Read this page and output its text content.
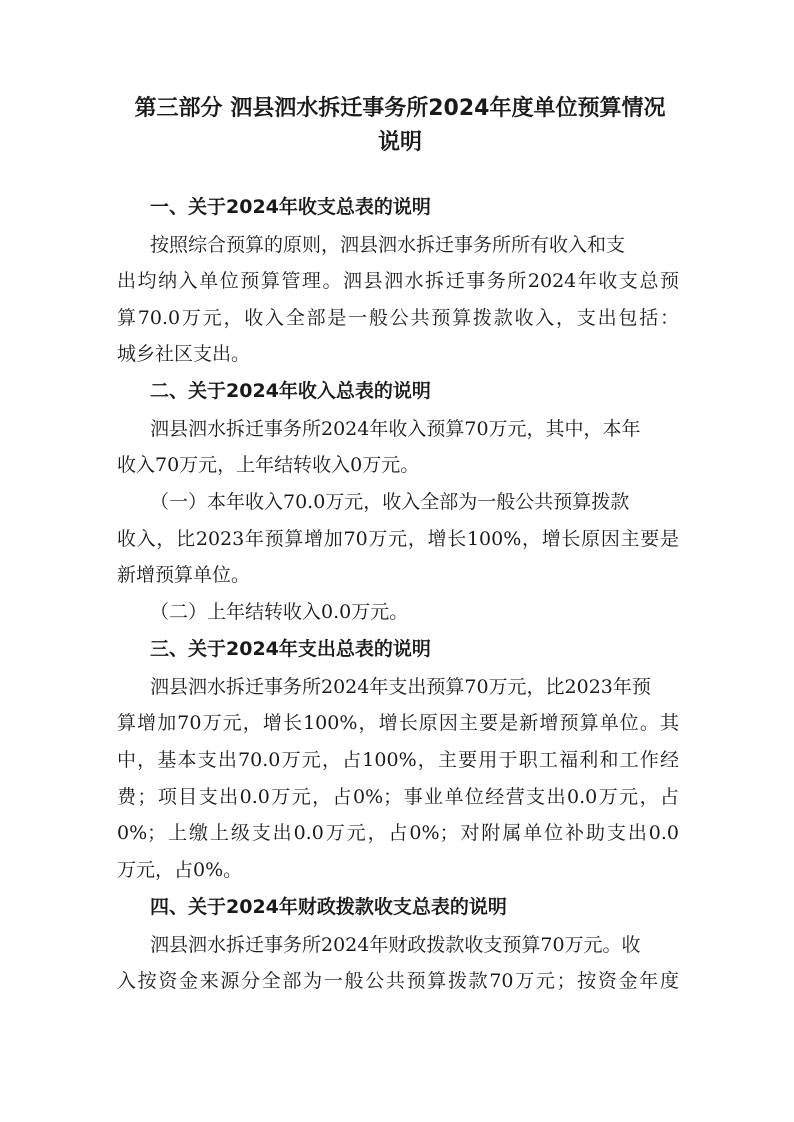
第三部分 泗县泗水拆迁事务所2024年度单位预算情况
说明
一、关于2024年收支总表的说明

按照综合预算的原则，泗县泗水拆迁事务所所有收入和支

出均纳入单位预算管理。泗县泗水拆迁事务所2024年收支总预

算70.0万元，收入全部是一般公共预算拨款收入，支出包括：

城乡社区支出。

二、关于2024年收入总表的说明

泗县泗水拆迁事务所2024年收入预算70万元，其中，本年

收入70万元，上年结转收入0万元。

（一）本年收入70.0万元，收入全部为一般公共预算拨款

收入，比2023年预算增加70万元，增长100%，增长原因主要是

新增预算单位。

（二）上年结转收入0.0万元。

三、关于2024年支出总表的说明

泗县泗水拆迁事务所2024年支出预算70万元，比2023年预

算增加70万元，增长100%，增长原因主要是新增预算单位。其

中，基本支出70.0万元，占100%，主要用于职工福利和工作经

费；项目支出0.0万元，占0%；事业单位经营支出0.0万元，占

0%；上缴上级支出0.0万元，占0%；对附属单位补助支出0.0

万元，占0%。

四、关于2024年财政拨款收支总表的说明

泗县泗水拆迁事务所2024年财政拨款收支预算70万元。收

入按资金来源分全部为一般公共预算拨款70万元；按资金年度
